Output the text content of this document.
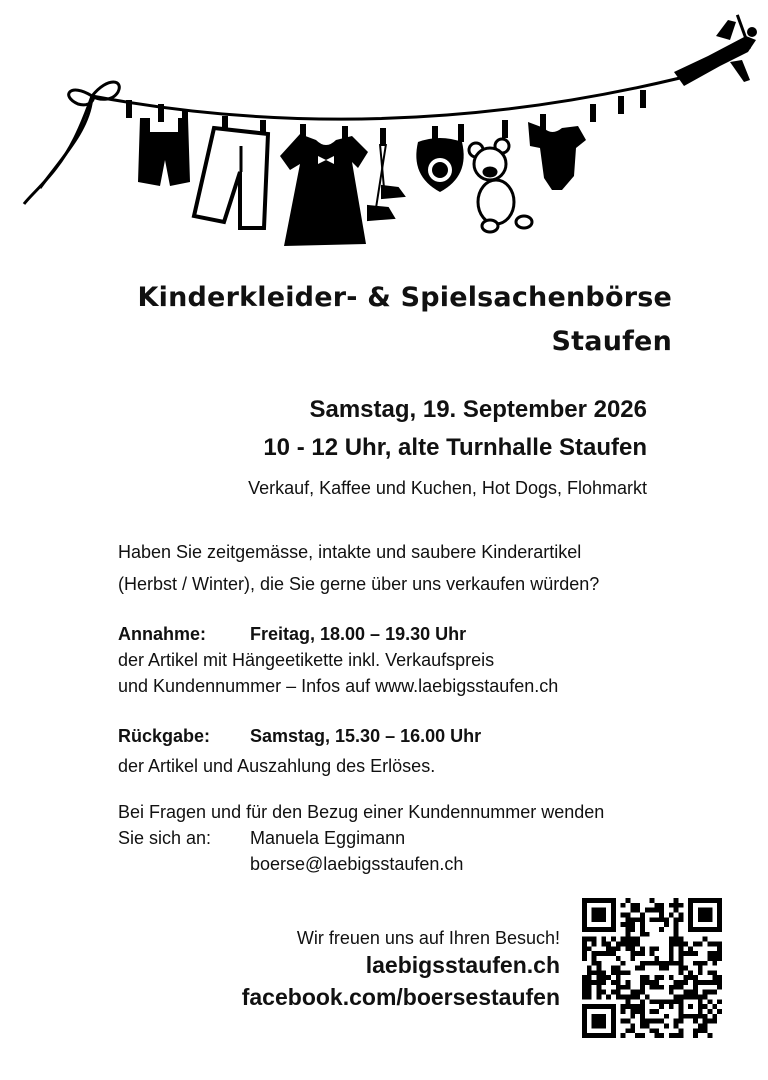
Kinderkleider- & Spielsachenbörse
Staufen
Samstag, 19. September 2026
10 - 12 Uhr, alte Turnhalle Staufen
Verkauf, Kaffee und Kuchen, Hot Dogs, Flohmarkt
Haben Sie zeitgemässe, intakte und saubere Kinderartikel
(Herbst / Winter), die Sie gerne über uns verkaufen würden?
Annahme: Freitag, 18.00 – 19.30 Uhr
der Artikel mit Hängeetikette inkl. Verkaufspreis
und Kundennummer – Infos auf www.laebigsstaufen.ch
Rückgabe: Samstag, 15.30 – 16.00 Uhr
der Artikel und Auszahlung des Erlöses.
Bei Fragen und für den Bezug einer Kundennummer wenden
Sie sich an: Manuela Eggimann
boerse@laebigsstaufen.ch
Wir freuen uns auf Ihren Besuch!
laebigsstaufen.ch
facebook.com/boersestaufen
